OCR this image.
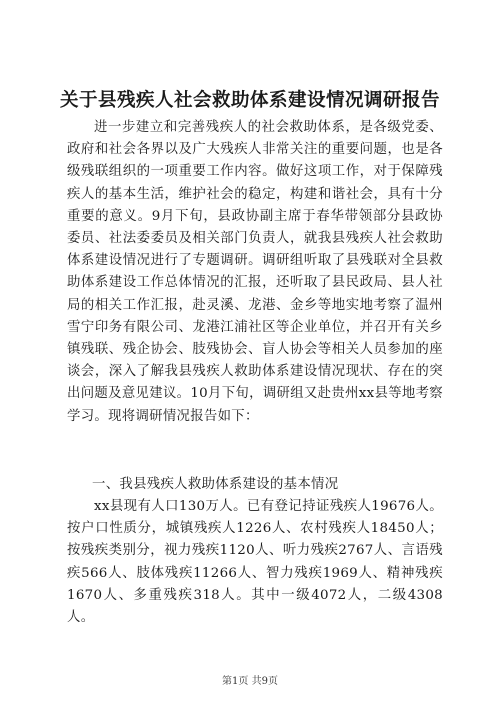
关于县残疾人社会救助体系建设情况调研报告
进一步建立和完善残疾人的社会救助体系，是各级党委、政府和社会各界以及广大残疾人非常关注的重要问题，也是各级残联组织的一项重要工作内容。做好这项工作，对于保障残疾人的基本生活，维护社会的稳定，构建和谐社会，具有十分重要的意义。9月下旬，县政协副主席于春华带领部分县政协委员、社法委委员及相关部门负责人，就我县残疾人社会救助体系建设情况进行了专题调研。调研组听取了县残联对全县救助体系建设工作总体情况的汇报，还听取了县民政局、县人社局的相关工作汇报，赴灵溪、龙港、金乡等地实地考察了温州雪宁印务有限公司、龙港江浦社区等企业单位，并召开有关乡镇残联、残企协会、肢残协会、盲人协会等相关人员参加的座谈会，深入了解我县残疾人救助体系建设情况现状、存在的突出问题及意见建议。10月下旬，调研组又赴贵州xx县等地考察学习。现将调研情况报告如下：
一、我县残疾人救助体系建设的基本情况
xx县现有人口130万人。已有登记持证残疾人19676人。按户口性质分，城镇残疾人1226人、农村残疾人18450人；按残疾类别分，视力残疾1120人、听力残疾2767人、言语残疾566人、肢体残疾11266人、智力残疾1969人、精神残疾1670人、多重残疾318人。其中一级4072人，二级4308人。
第1页 共9页
